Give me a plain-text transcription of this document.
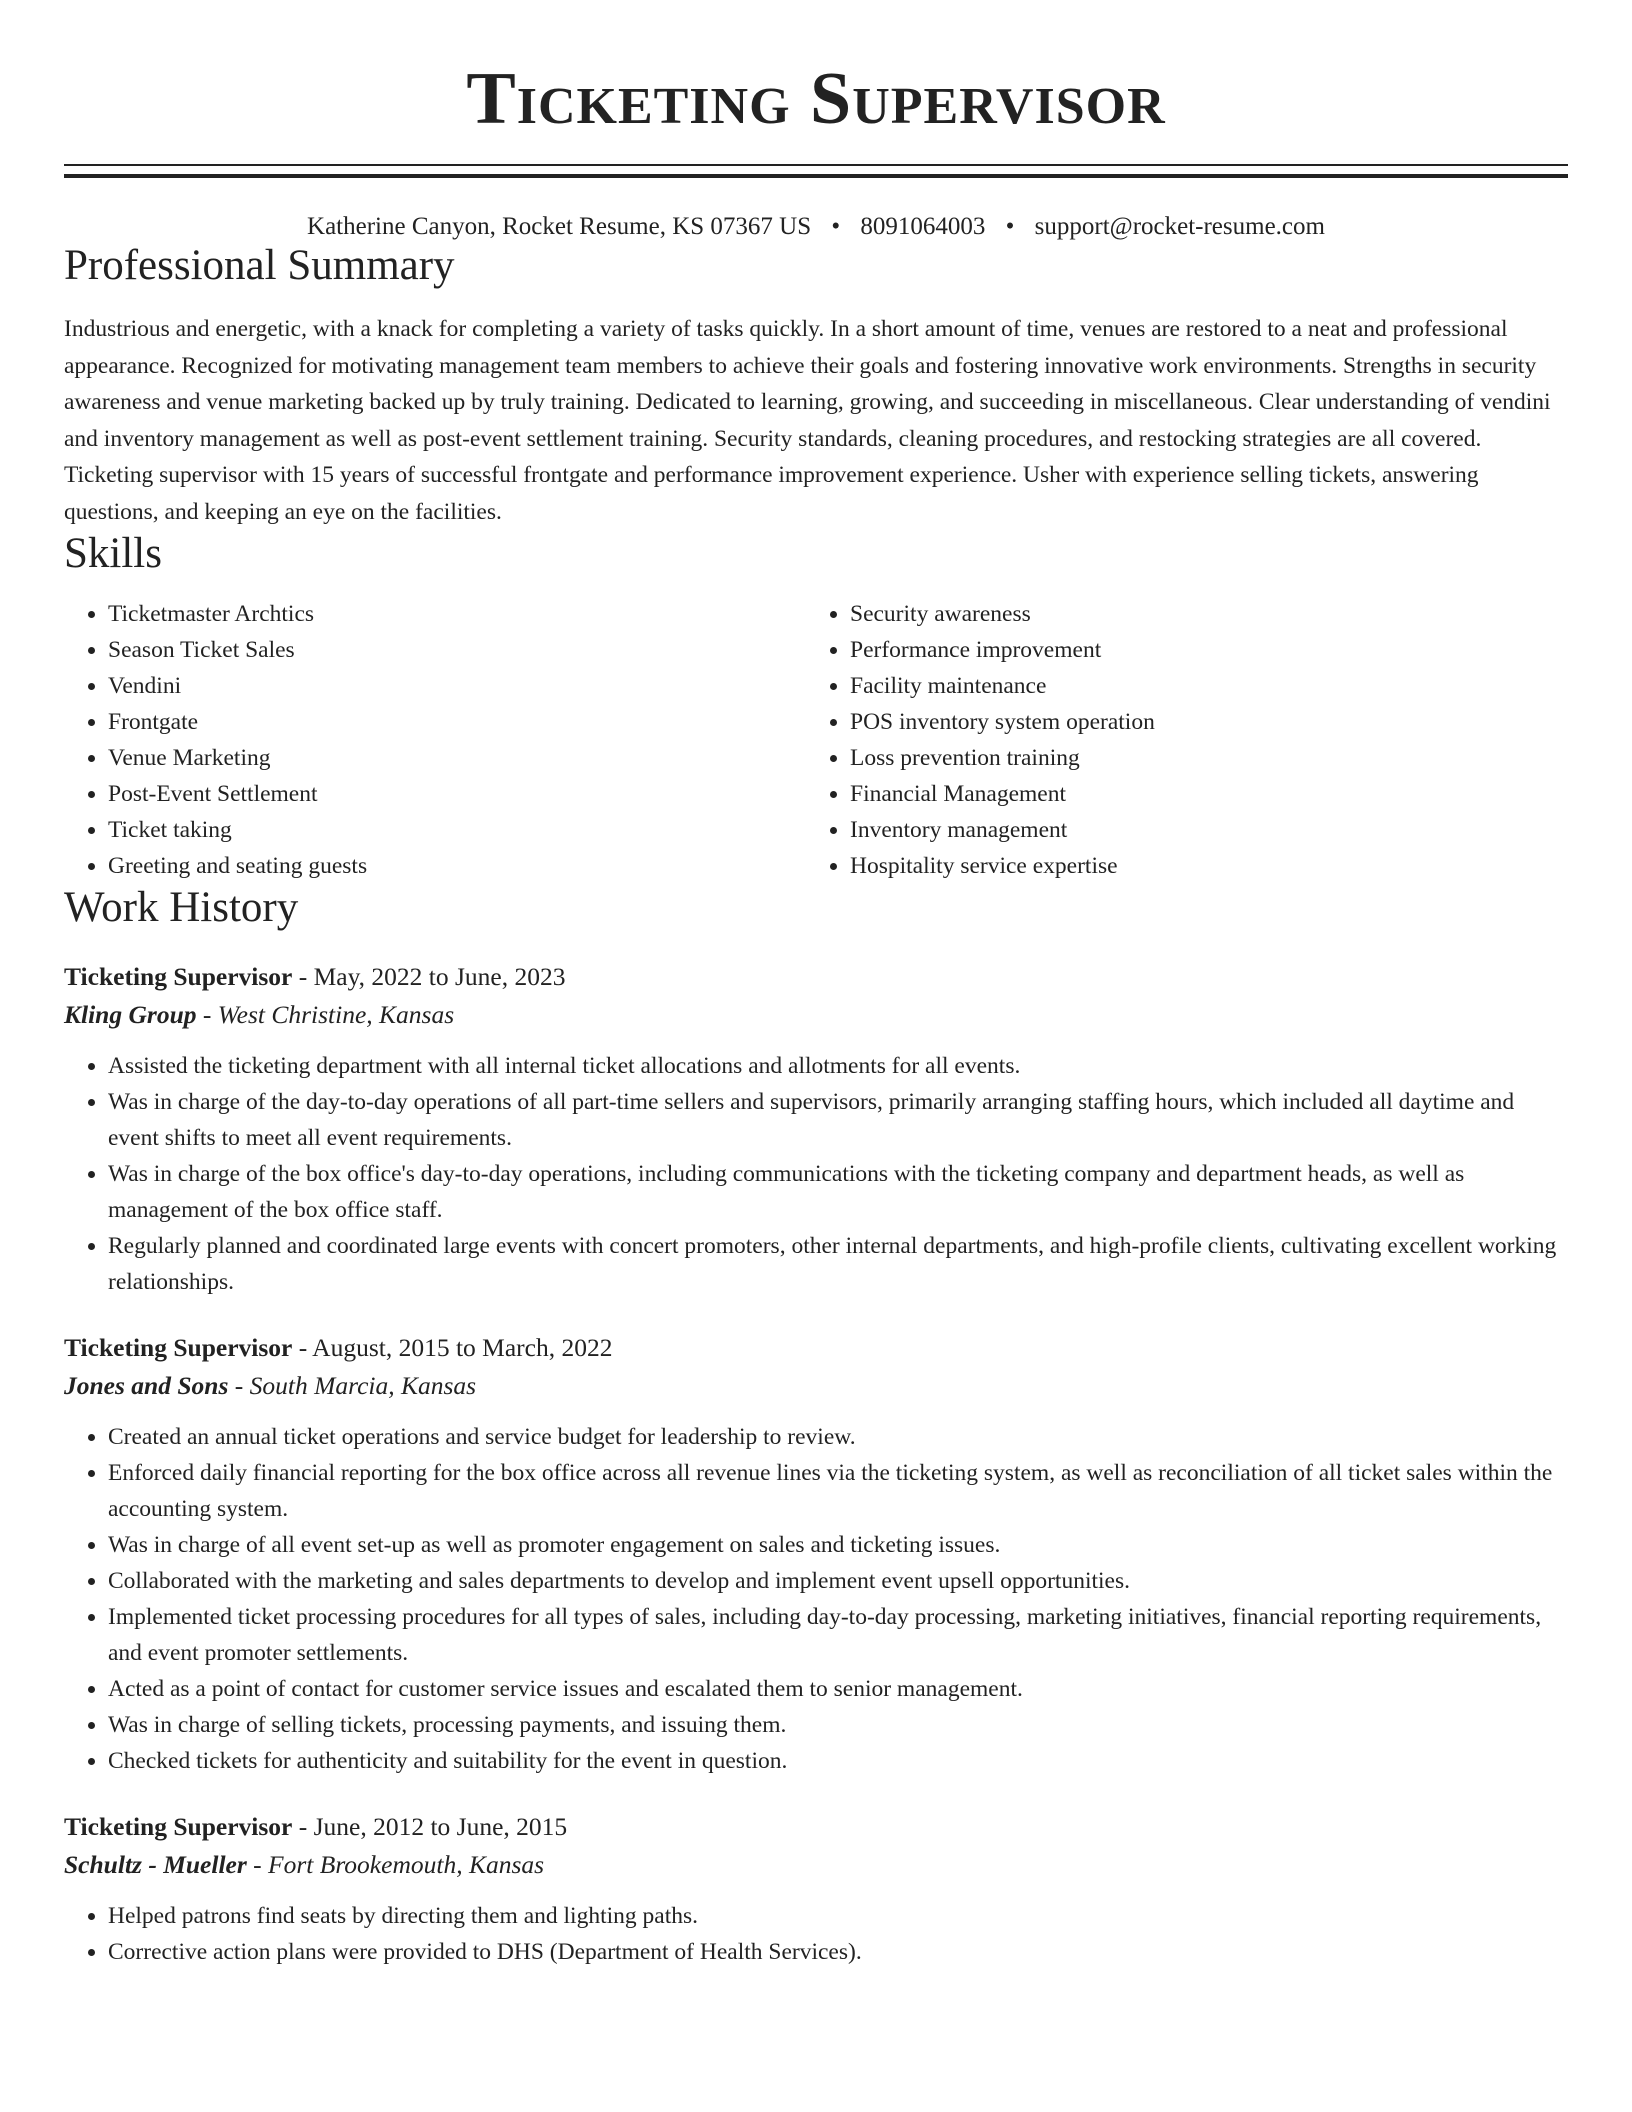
Ticketing Supervisor
Katherine Canyon, Rocket Resume, KS 07367 US • 8091064003 • support@rocket-resume.com
Professional Summary

Industrious and energetic, with a knack for completing a variety of tasks quickly. In a short amount of time, venues are restored to a neat and professional appearance. Recognized for motivating management team members to achieve their goals and fostering innovative work environments. Strengths in security awareness and venue marketing backed up by truly training. Dedicated to learning, growing, and succeeding in miscellaneous. Clear understanding of vendini and inventory management as well as post-event settlement training. Security standards, cleaning procedures, and restocking strategies are all covered. Ticketing supervisor with 15 years of successful frontgate and performance improvement experience. Usher with experience selling tickets, answering questions, and keeping an eye on the facilities.

Skills
• Ticketmaster Archtics
• Season Ticket Sales
• Vendini
• Frontgate
• Venue Marketing
• Post-Event Settlement
• Ticket taking
• Greeting and seating guests
• Security awareness
• Performance improvement
• Facility maintenance
• POS inventory system operation
• Loss prevention training
• Financial Management
• Inventory management
• Hospitality service expertise
Work History
Ticketing Supervisor - May, 2022 to June, 2023
Kling Group - West Christine, Kansas
• Assisted the ticketing department with all internal ticket allocations and allotments for all events.
• Was in charge of the day-to-day operations of all part-time sellers and supervisors, primarily arranging staffing hours, which included all daytime and event shifts to meet all event requirements.
• Was in charge of the box office's day-to-day operations, including communications with the ticketing company and department heads, as well as management of the box office staff.
• Regularly planned and coordinated large events with concert promoters, other internal departments, and high-profile clients, cultivating excellent working relationships.
Ticketing Supervisor - August, 2015 to March, 2022
Jones and Sons - South Marcia, Kansas
• Created an annual ticket operations and service budget for leadership to review.
• Enforced daily financial reporting for the box office across all revenue lines via the ticketing system, as well as reconciliation of all ticket sales within the accounting system.
• Was in charge of all event set-up as well as promoter engagement on sales and ticketing issues.
• Collaborated with the marketing and sales departments to develop and implement event upsell opportunities.
• Implemented ticket processing procedures for all types of sales, including day-to-day processing, marketing initiatives, financial reporting requirements, and event promoter settlements.
• Acted as a point of contact for customer service issues and escalated them to senior management.
• Was in charge of selling tickets, processing payments, and issuing them.
• Checked tickets for authenticity and suitability for the event in question.
Ticketing Supervisor - June, 2012 to June, 2015
Schultz - Mueller - Fort Brookemouth, Kansas
• Helped patrons find seats by directing them and lighting paths.
• Corrective action plans were provided to DHS (Department of Health Services).
